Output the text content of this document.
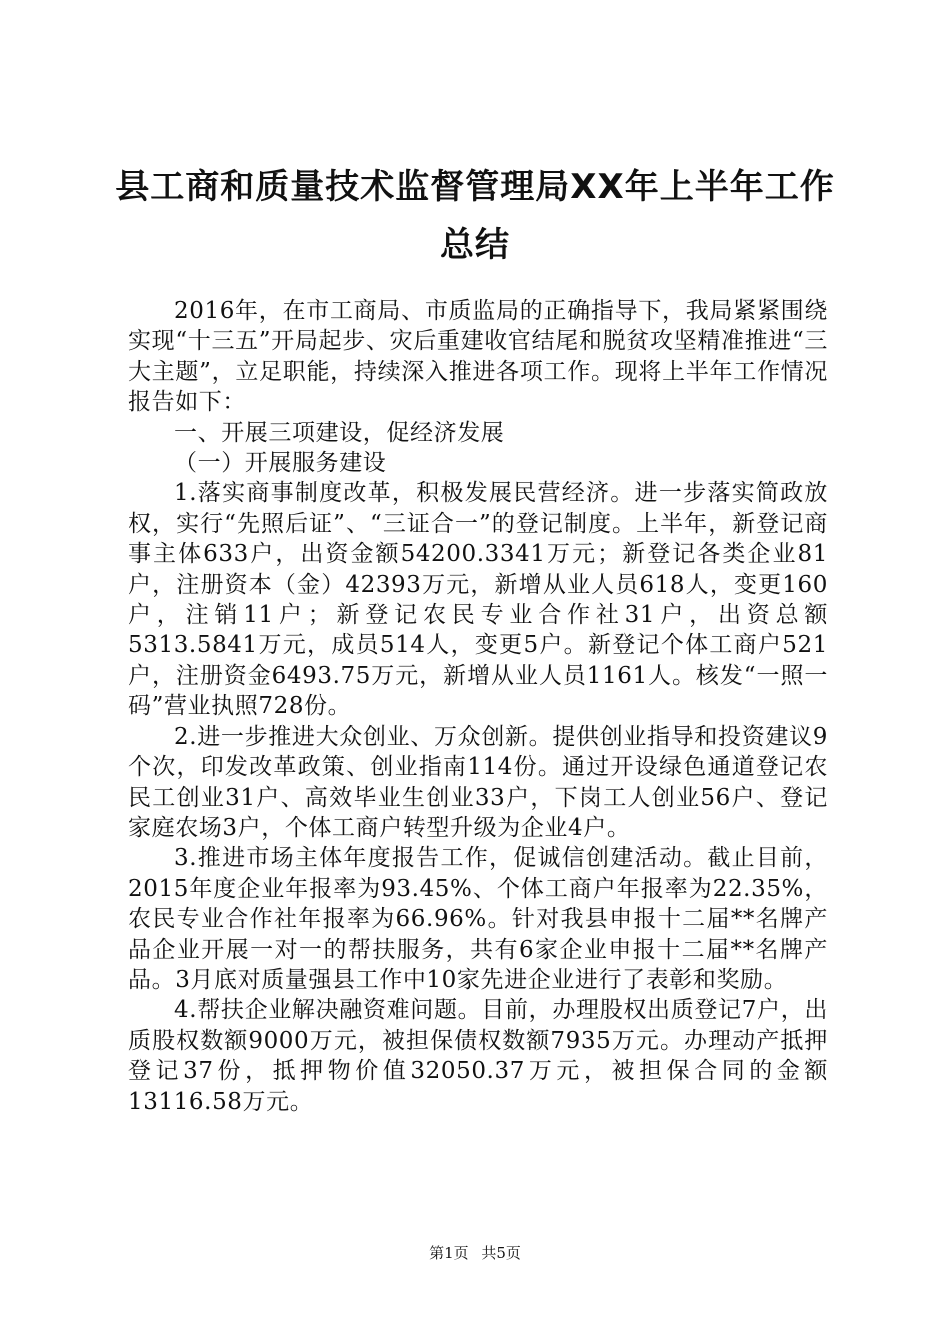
县工商和质量技术监督管理局XX年上半年工作总结

2016年，在市工商局、市质监局的正确指导下，我局紧紧围绕实现“十三五”开局起步、灾后重建收官结尾和脱贫攻坚精准推进“三大主题”，立足职能，持续深入推进各项工作。现将上半年工作情况报告如下：

一、开展三项建设，促经济发展

（一）开展服务建设

1.落实商事制度改革，积极发展民营经济。进一步落实简政放权，实行“先照后证”、“三证合一”的登记制度。上半年，新登记商事主体633户，出资金额54200.3341万元；新登记各类企业81户，注册资本（金）42393万元，新增从业人员618人，变更160户，注销11户；新登记农民专业合作社31户，出资总额5313.5841万元，成员514人，变更5户。新登记个体工商户521户，注册资金6493.75万元，新增从业人员1161人。核发“一照一码”营业执照728份。

2.进一步推进大众创业、万众创新。提供创业指导和投资建议9个次，印发改革政策、创业指南114份。通过开设绿色通道登记农民工创业31户、高效毕业生创业33户，下岗工人创业56户、登记家庭农场3户，个体工商户转型升级为企业4户。

3.推进市场主体年度报告工作，促诚信创建活动。截止目前，2015年度企业年报率为93.45%、个体工商户年报率为22.35%，农民专业合作社年报率为66.96%。针对我县申报十二届**名牌产品企业开展一对一的帮扶服务，共有6家企业申报十二届**名牌产品。3月底对质量强县工作中10家先进企业进行了表彰和奖励。

4.帮扶企业解决融资难问题。目前，办理股权出质登记7户，出质股权数额9000万元，被担保债权数额7935万元。办理动产抵押登记37份，抵押物价值32050.37万元，被担保合同的金额13116.58万元。

第1页 共5页
